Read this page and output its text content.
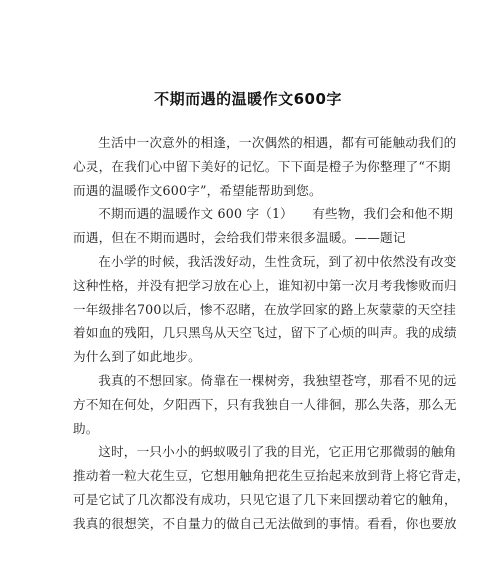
不期而遇的温暖作文600字

生活中一次意外的相逢，一次偶然的相遇，都有可能触动我们的
心灵，在我们心中留下美好的记忆。下下面是橙子为你整理了“不期
而遇的温暖作文600字”，希望能帮助到您。

不期而遇的温暖作文 600 字（1）　　有些物，我们会和他不期
而遇，但在不期而遇时，会给我们带来很多温暖。——题记

在小学的时候，我活泼好动，生性贪玩，到了初中依然没有改变
这种性格，并没有把学习放在心上，谁知初中第一次月考我惨败而归
一年级排名700以后，惨不忍睹，在放学回家的路上灰蒙蒙的天空挂
着如血的残阳，几只黑鸟从天空飞过，留下了心烦的叫声。我的成绩
为什么到了如此地步。

我真的不想回家。倚靠在一棵树旁，我独望苍穹，那看不见的远
方不知在何处，夕阳西下，只有我独自一人徘徊，那么失落，那么无
助。

这时，一只小小的蚂蚁吸引了我的目光，它正用它那微弱的触角
推动着一粒大花生豆，它想用触角把花生豆抬起来放到背上将它背走，
可是它试了几次都没有成功，只见它退了几下来回摆动着它的触角，
我真的很想笑，不自量力的做自己无法做到的事情。看看，你也要放
